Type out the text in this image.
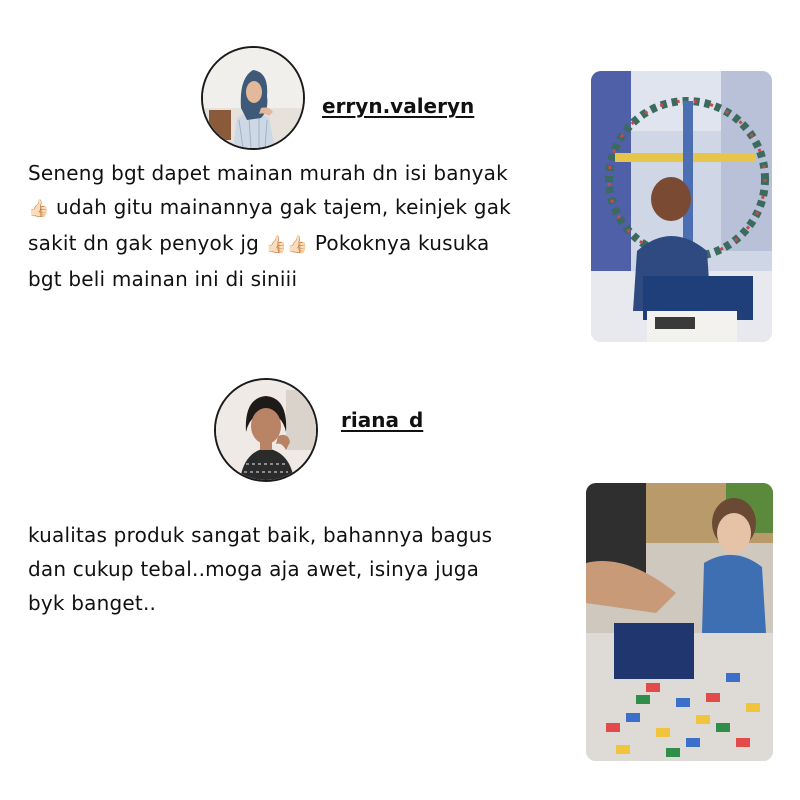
erryn.valeryn
Seneng bgt dapet mainan murah dn isi banyak
👍🏻 udah gitu mainannya gak tajem, keinjek gak
sakit dn gak penyok jg 👍🏻👍🏻 Pokoknya kusuka
bgt beli mainan ini di siniii
riana_d
kualitas produk sangat baik, bahannya bagus
dan cukup tebal..moga aja awet, isinya juga
byk banget..
